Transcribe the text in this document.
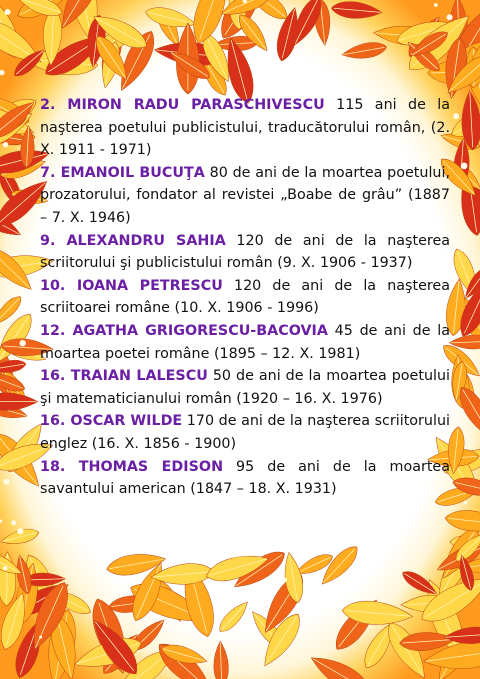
2. MIRON RADU PARASCHIVESCU 115 ani de la naşterea poetului publicistului, traducătorului român, (2. X. 1911 - 1971)

7. EMANOIL BUCUŢA 80 de ani de la moartea poetului, prozatorului, fondator al revistei „Boabe de grâu” (1887 – 7. X. 1946)

9. ALEXANDRU SAHIA 120 de ani de la naşterea scriitorului şi publicistului român (9. X. 1906 - 1937)

10. IOANA PETRESCU 120 de ani de la naşterea scriitoarei române (10. X. 1906 - 1996)

12. AGATHA GRIGORESCU-BACOVIA 45 de ani de la moartea poetei române (1895 – 12. X. 1981)

16. TRAIAN LALESCU 50 de ani de la moartea poetului şi matematicianului român (1920 – 16. X. 1976)

16. OSCAR WILDE 170 de ani de la naşterea scriitorului englez (16. X. 1856 - 1900)

18. THOMAS EDISON 95 de ani de la moartea savantului american (1847 – 18. X. 1931)
